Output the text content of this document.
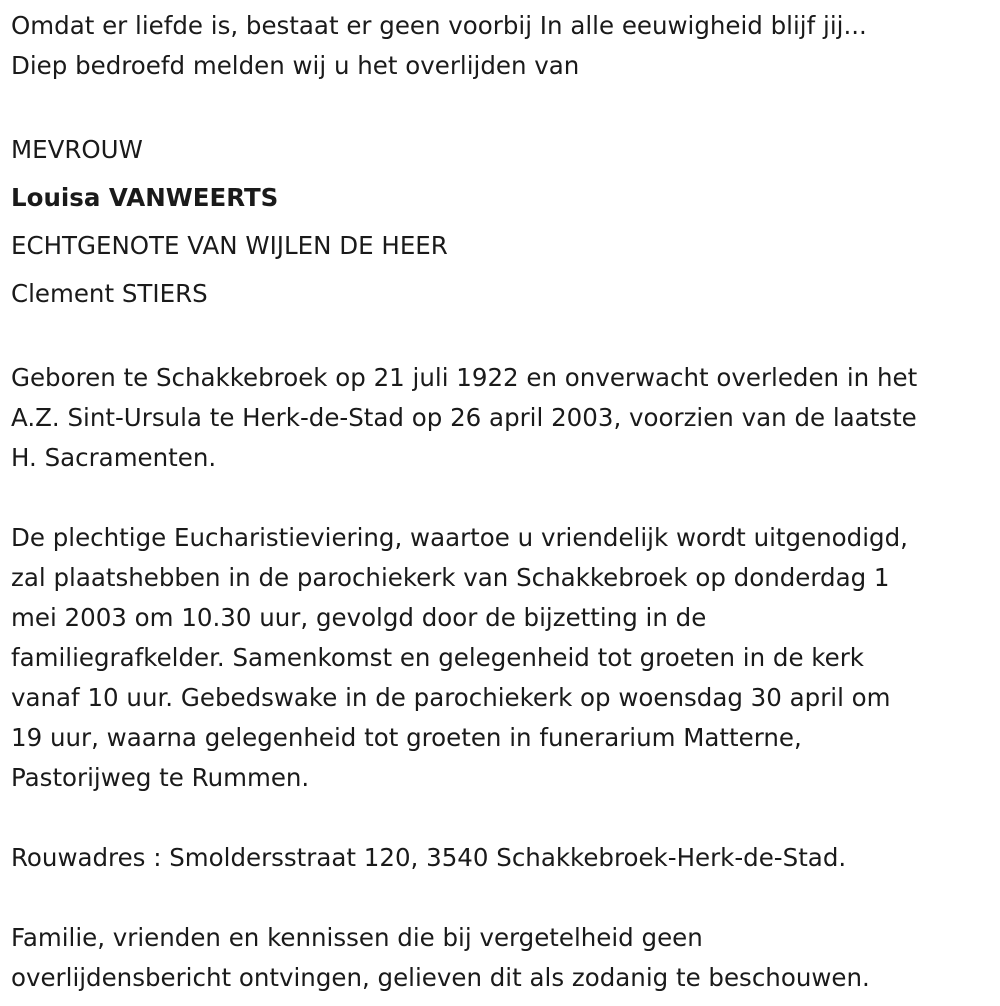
Omdat er liefde is, bestaat er geen voorbij In alle eeuwigheid blijf jij...
Diep bedroefd melden wij u het overlijden van
MEVROUW
Louisa VANWEERTS
ECHTGENOTE VAN WIJLEN DE HEER
Clement STIERS
Geboren te Schakkebroek op 21 juli 1922 en onverwacht overleden in het
A.Z. Sint-Ursula te Herk-de-Stad op 26 april 2003, voorzien van de laatste
H. Sacramenten.
De plechtige Eucharistieviering, waartoe u vriendelijk wordt uitgenodigd,
zal plaatshebben in de parochiekerk van Schakkebroek op donderdag 1
mei 2003 om 10.30 uur, gevolgd door de bijzetting in de
familiegrafkelder. Samenkomst en gelegenheid tot groeten in de kerk
vanaf 10 uur. Gebedswake in de parochiekerk op woensdag 30 april om
19 uur, waarna gelegenheid tot groeten in funerarium Matterne,
Pastorijweg te Rummen.
Rouwadres : Smoldersstraat 120, 3540 Schakkebroek-Herk-de-Stad.
Familie, vrienden en kennissen die bij vergetelheid geen
overlijdensbericht ontvingen, gelieven dit als zodanig te beschouwen.
